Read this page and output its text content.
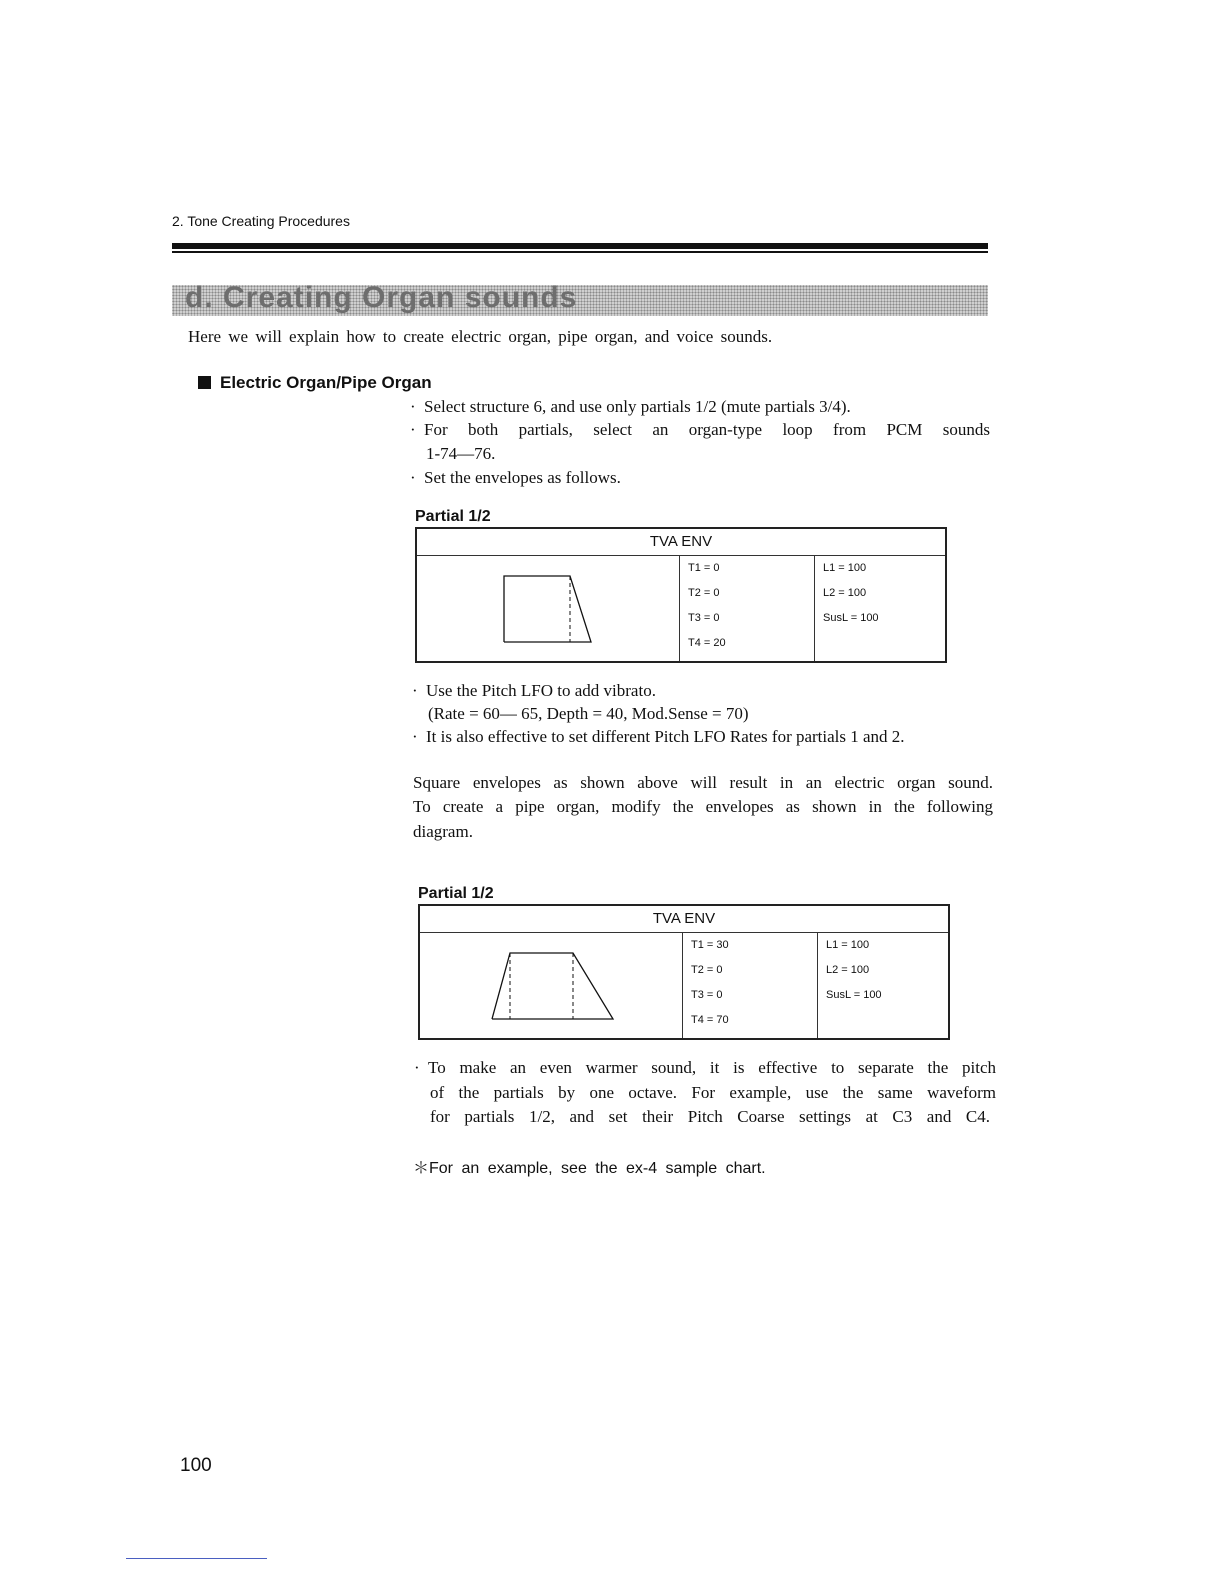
2. Tone Creating Procedures
d. Creating Organ sounds
Here we will explain how to create electric organ, pipe organ, and voice sounds.
Electric Organ/Pipe Organ
· Select structure 6, and use only partials 1/2 (mute partials 3/4).
· For both partials, select an organ-type loop from PCM sounds
1-74—76.
· Set the envelopes as follows.
Partial 1/2
TVA ENV

T1 = 0
T2 = 0
T3 = 0
T4 = 20

L1 = 100
L2 = 100
SusL = 100
· Use the Pitch LFO to add vibrato.
(Rate = 60— 65, Depth = 40, Mod.Sense = 70)
· It is also effective to set different Pitch LFO Rates for partials 1 and 2.
Square envelopes as shown above will result in an electric organ sound.
To create a pipe organ, modify the envelopes as shown in the following
diagram.
Partial 1/2
TVA ENV

T1 = 30
T2 = 0
T3 = 0
T4 = 70

L1 = 100
L2 = 100
SusL = 100
· To make an even warmer sound, it is effective to separate the pitch
of the partials by one octave. For example, use the same waveform
for partials 1/2, and set their Pitch Coarse settings at C3 and C4.
＊For an example, see the ex-4 sample chart.
100
